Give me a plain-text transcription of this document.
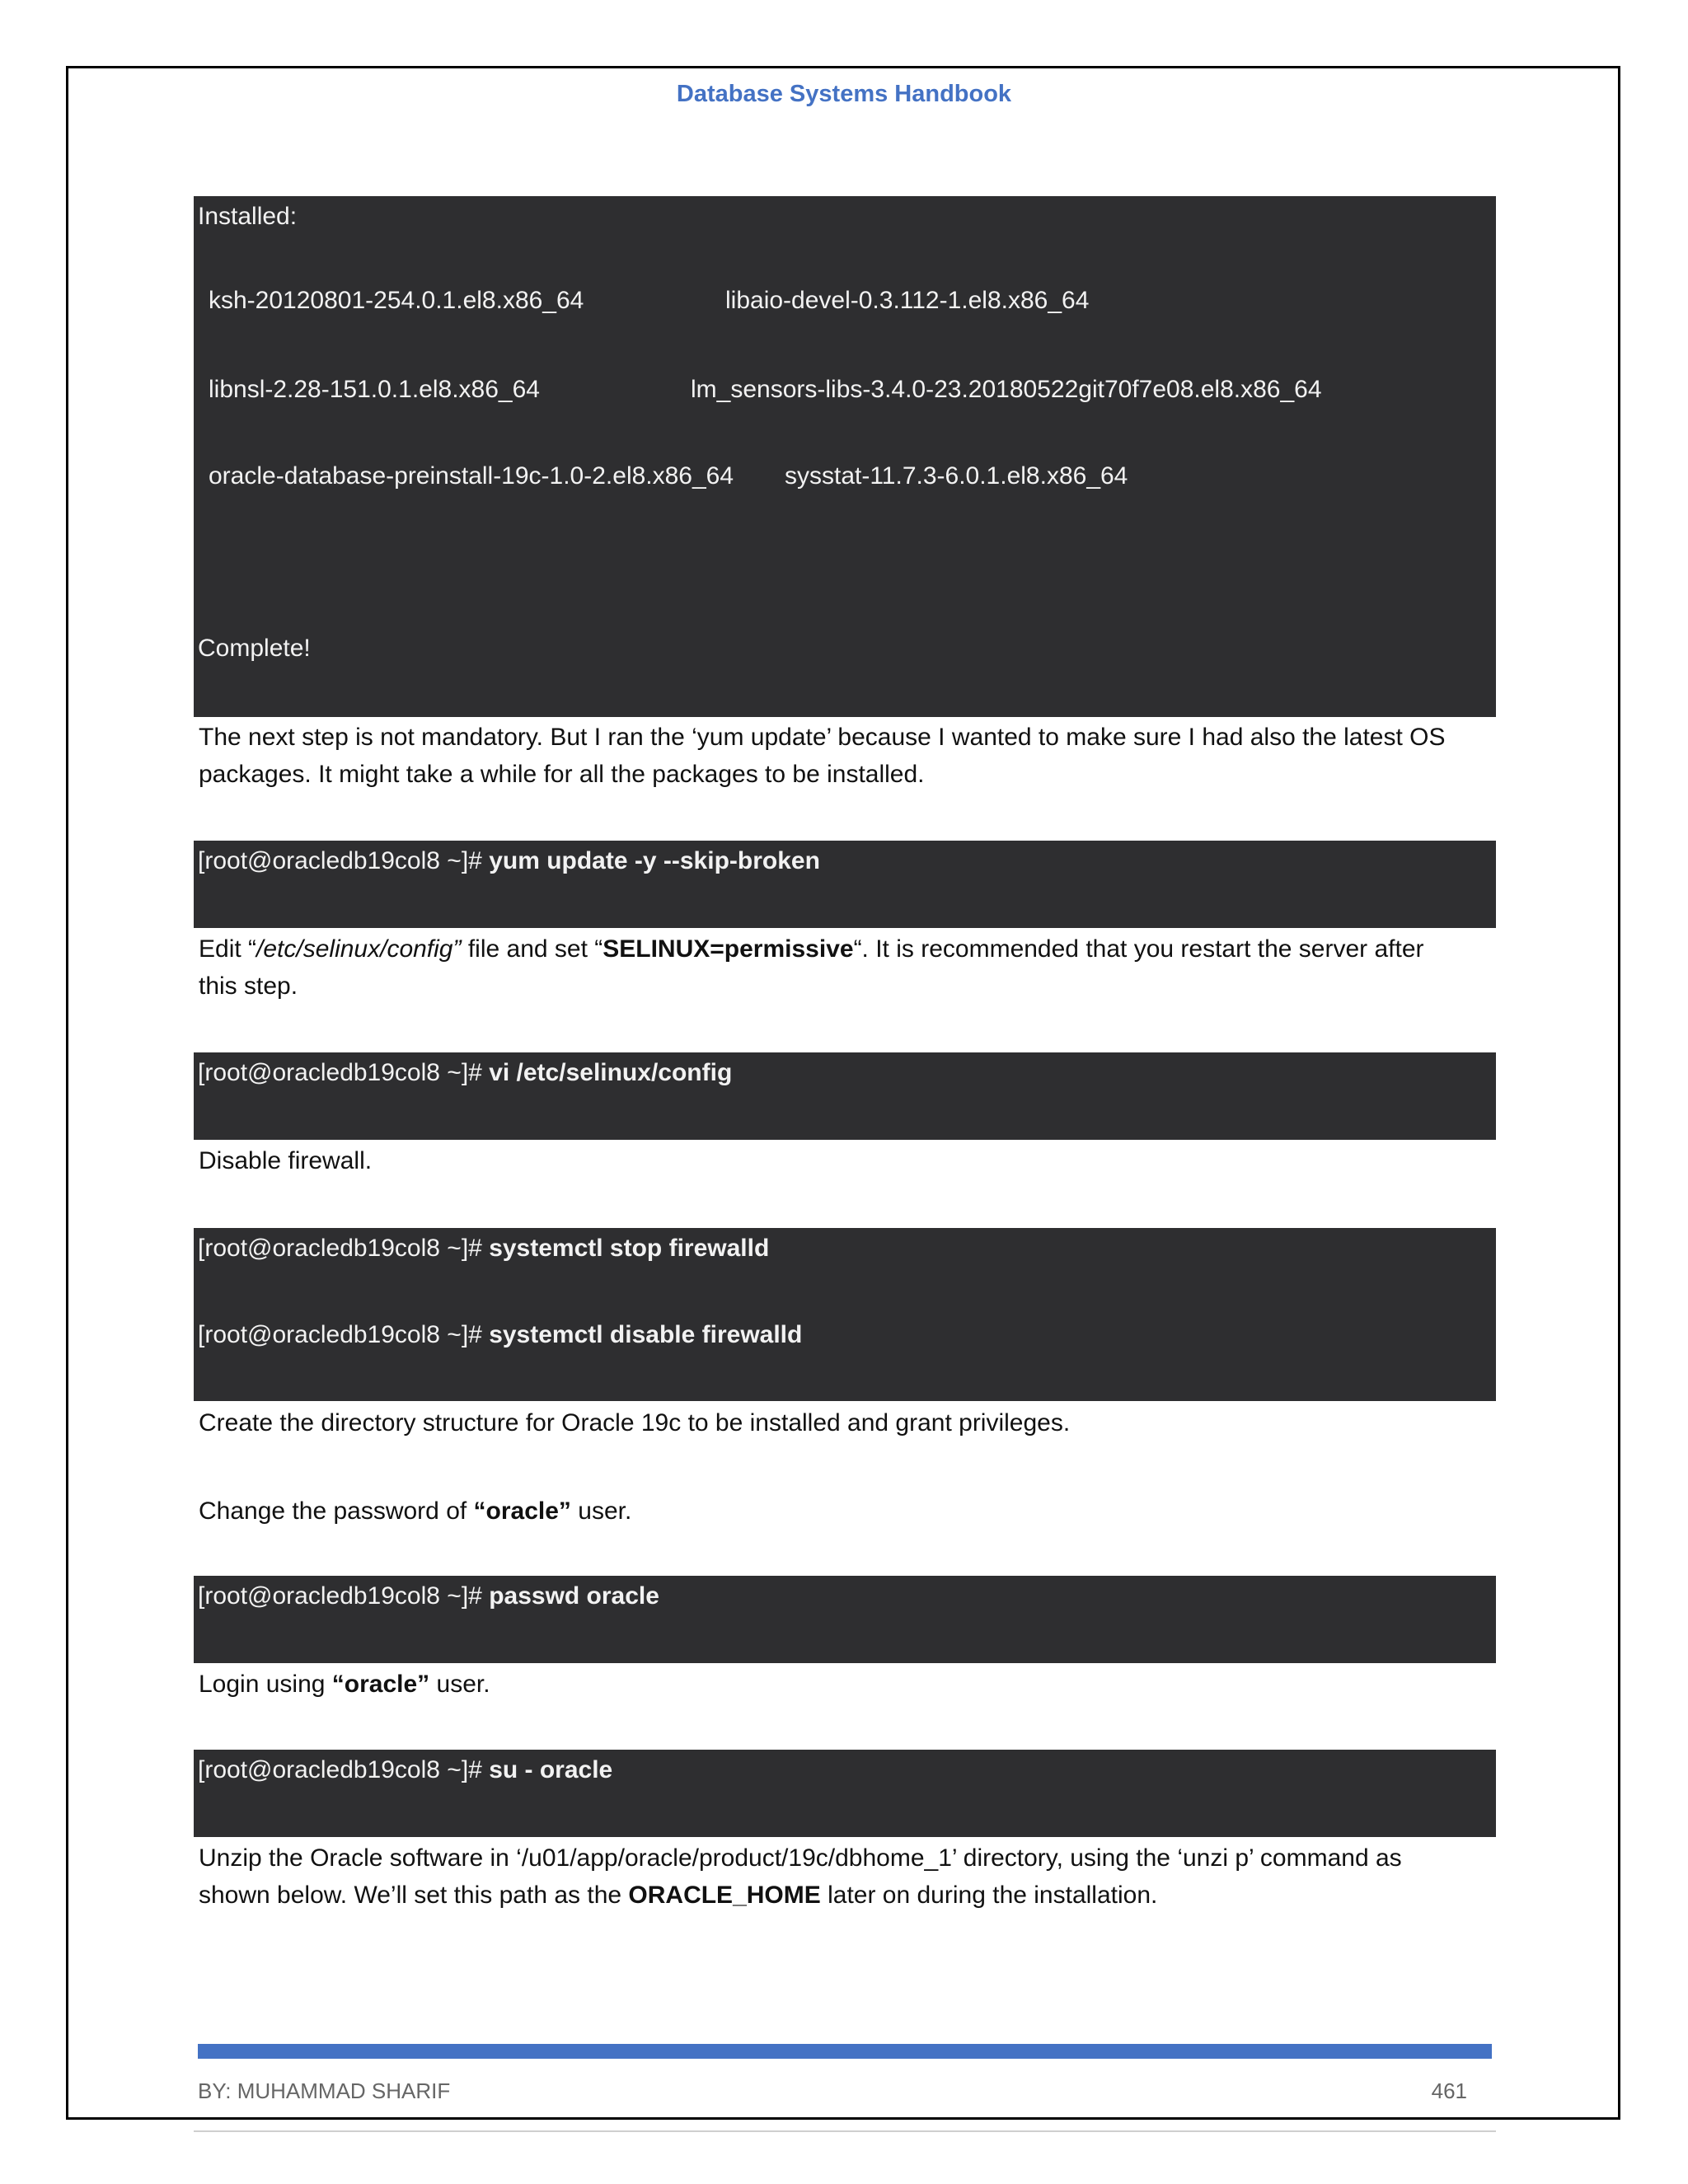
Database Systems Handbook
Installed:
ksh-20120801-254.0.1.el8.x86_64	libaio-devel-0.3.112-1.el8.x86_64
libnsl-2.28-151.0.1.el8.x86_64	lm_sensors-libs-3.4.0-23.20180522git70f7e08.el8.x86_64
oracle-database-preinstall-19c-1.0-2.el8.x86_64 sysstat-11.7.3-6.0.1.el8.x86_64
Complete!
The next step is not mandatory. But I ran the ‘yum update’ because I wanted to make sure I had also the latest OS
packages. It might take a while for all the packages to be installed.
[root@oracledb19col8 ~]# yum update -y --skip-broken
Edit “/etc/selinux/config” file and set “SELINUX=permissive“. It is recommended that you restart the server after
this step.
[root@oracledb19col8 ~]# vi /etc/selinux/config
Disable firewall.
[root@oracledb19col8 ~]# systemctl stop firewalld
[root@oracledb19col8 ~]# systemctl disable firewalld
Create the directory structure for Oracle 19c to be installed and grant privileges.
Change the password of “oracle” user.
[root@oracledb19col8 ~]# passwd oracle
Login using “oracle” user.
[root@oracledb19col8 ~]# su - oracle
Unzip the Oracle software in ‘/u01/app/oracle/product/19c/dbhome_1’ directory, using the ‘unzi p’ command as
shown below. We’ll set this path as the ORACLE_HOME later on during the installation.
BY: MUHAMMAD SHARIF	461
